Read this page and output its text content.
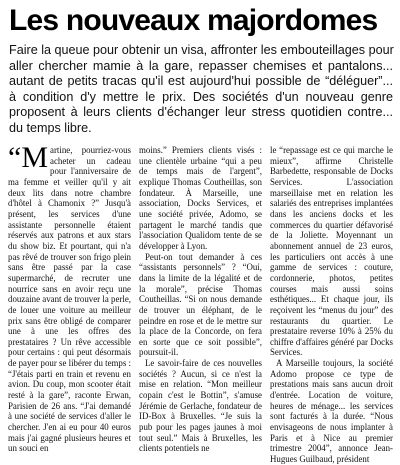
Les nouveaux majordomes
Faire la queue pour obtenir un visa, affronter les embouteillages pour
aller chercher mamie à la gare, repasser chemises et pantalons...
autant de petits tracas qu'il est aujourd'hui possible de “déléguer”...
à condition d'y mettre le prix. Des sociétés d'un nouveau genre
proposent à leurs clients d'échanger leur stress quotidien contre...
du temps libre.

“M artine, pourriez-vous acheter un cadeau pour l'anniversaire de ma femme et veiller qu'il y ait deux lits dans notre chambre d'hôtel à Chamonix ?” Jusqu'à présent, les services d'une assistante personnelle étaient réservés aux patrons et aux stars du show biz. Et pourtant, qui n'a pas rêvé de trouver son frigo plein sans être passé par la case supermarché, de recruter une nourrice sans en avoir reçu une douzaine avant de trouver la perle, de louer une voiture au meilleur prix sans être obligé de comparer une à une les offres des prestataires ? Un rêve accessible pour certains : qui peut désormais de payer pour se libérer du temps : “J'étais parti en train et revenu en avion. Du coup, mon scooter était resté à la gare”, raconte Erwan, Parisien de 26 ans. “J'ai demandé à une société de services d'aller le chercher. J'en ai eu pour 40 euros mais j'ai gagné plusieurs heures et un souci en

moins.” Premiers clients visés : une clientèle urbaine “qui a peu de temps mais de l'argent”, explique Thomas Coutheillas, son fondateur. À Marseille, une association, Docks Services, et une société privée, Adomo, se partagent le marché tandis que l'association Qualidom tente de se développer à Lyon.

Peut-on tout demander à ces “assistants personnels” ? “Oui, dans la limite de la légalité et de la morale”, précise Thomas Coutheillas. “Si on nous demande de trouver un éléphant, de le peindre en rose et de le mettre sur la place de la Concorde, on fera en sorte que ce soit possible”, poursuit-il.

Le savoir-faire de ces nouvelles sociétés ? Aucun, si ce n'est la mise en relation. “Mon meilleur copain c'est le Bottin”, s'amuse Jérémie de Gerlache, fondateur de ID-Box à Bruxelles. “Je suis la pub pour les pages jaunes à moi tout seul.” Mais à Bruxelles, les clients potentiels ne

le “repassage est ce qui marche le mieux”, affirme Christelle Barbedette, responsable de Docks Services. L'association marseillaise met en relation les salariés des entreprises implantées dans les anciens docks et les commerces du quartier défavorisé de la Joliette. Moyennant un abonnement annuel de 23 euros, les particuliers ont accès à une gamme de services : couture, cordonnerie, photos, petites courses mais aussi soins esthétiques... Et chaque jour, ils reçoivent les “menus du jour” des restaurants du quartier. Le prestataire reverse 10% à 25% du chiffre d'affaires généré par Docks Services.

A Marseille toujours, la société Adomo propose ce type de prestations mais sans aucun droit d'entrée. Location de voiture, heures de ménage... les services sont facturés à la durée. “Nous envisageons de nous implanter à Paris et à Nice au premier trimestre 2004”, annonce Jean-Hugues Guilbaud, président
